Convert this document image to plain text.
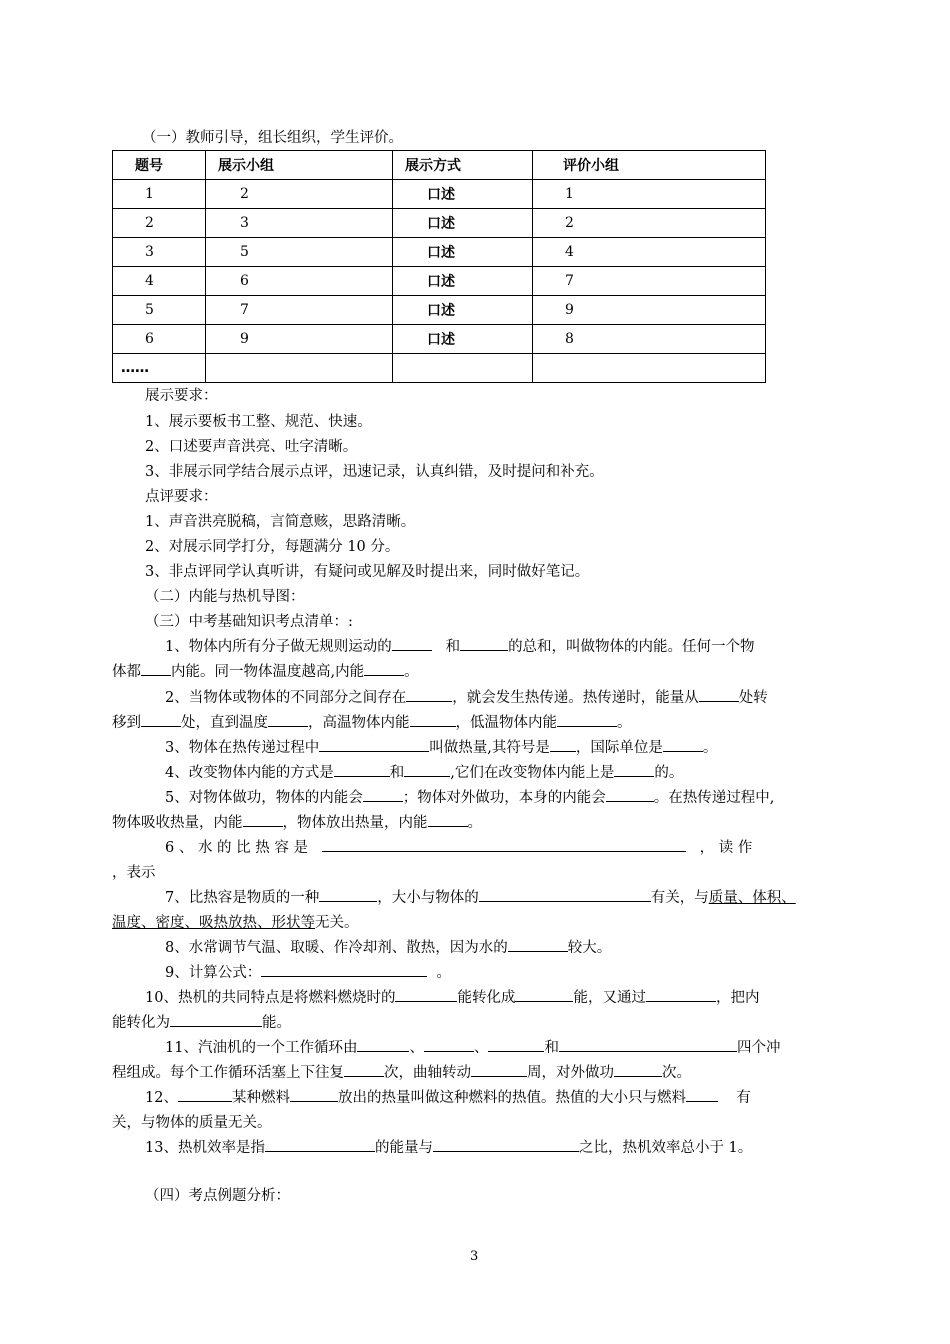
（一）教师引导，组长组织，学生评价。
题号	展示小组	展示方式	评价小组
1	2	口述	1
2	3	口述	2
3	5	口述	4
4	6	口述	7
5	7	口述	9
6	9	口述	8
……			
展示要求：
1、展示要板书工整、规范、快速。
2、口述要声音洪亮、吐字清晰。
3、非展示同学结合展示点评，迅速记录，认真纠错，及时提问和补充。
点评要求：
1、声音洪亮脱稿，言简意赅，思路清晰。
2、对展示同学打分，每题满分 10 分。
3、非点评同学认真听讲，有疑问或见解及时提出来，同时做好笔记。
（二）内能与热机导图：
（三）中考基础知识考点清单：:
1、物体内所有分子做无规则运动的	和	的总和，叫做物体的内能。任何一个物
体都 内能。同一物体温度越高,内能	。
2、当物体或物体的不同部分之间存在	，就会发生热传递。热传递时，能量从	处转
移到	处，直到温度	，高温物体内能	，低温物体内能	。
3、物体在热传递过程中	叫做热量,其符号是 ，国际单位是	。
4、改变物体内能的方式是	和	,它们在改变物体内能上是	的。
5、对物体做功，物体的内能会	；物体对外做功，本身的内能会	。在热传递过程中,
物体吸收热量，内能	，物体放出热量，内能	。
6 、 水 的 比 热 容 是	， 读 作
，表示
7、比热容是物质的一种	，大小与物体的	有关，与质量、体积、
温度、密度、吸热放热、形状等无关。
8、水常调节气温、取暖、作冷却剂、散热，因为水的	较大。
9、计算公式：	。
10、热机的共同特点是将燃料燃烧时的	能转化成	能，又通过	，把内
能转化为	能。
11、汽油机的一个工作循环由	、	、	和	四个冲
程组成。每个工作循环活塞上下往复	次，曲轴转动	周，对外做功	次。
12、	某种燃料	放出的热量叫做这种燃料的热值。热值的大小只与燃料	有
关，与物体的质量无关。
13、热机效率是指	的能量与	之比，热机效率总小于 1。
（四）考点例题分析：
3
